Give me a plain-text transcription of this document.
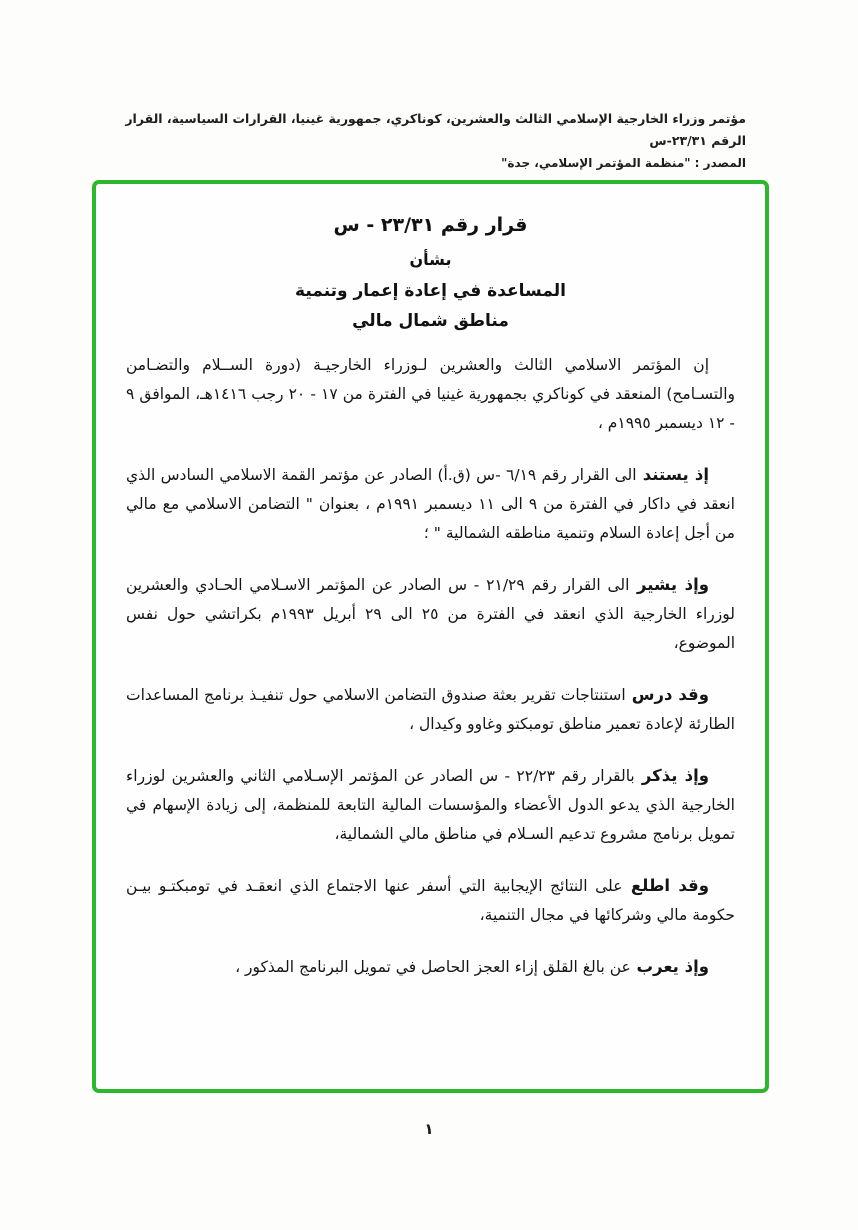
مؤتمر وزراء الخارجية الإسلامي الثالث والعشرين، كوناكري، جمهورية غينيا، القرارات السياسية، القرار الرقم ٢٣/٣١-س
المصدر : "منظمة المؤتمر الإسلامي، جدة"
قرار رقم ٢٣/٣١ - س
بشأن
المساعدة في إعادة إعمار وتنمية
مناطق شمال مالي

إن المؤتمر الاسلامي الثالث والعشرين لـوزراء الخارجيـة (دورة الســلام والتضـامن والتسـامح) المنعقد في كوناكري بجمهورية غينيا في الفترة من ١٧ - ٢٠ رجب ١٤١٦هـ، الموافق ٩ - ١٢ ديسمبر ١٩٩٥م ،

إذ يستندالى القرار رقم ٦/١٩ -س (ق.أ) الصادر عن مؤتمر القمة الاسلامي السادس الذي انعقد في داكار في الفترة من ٩ الى ١١ ديسمبر ١٩٩١م ، بعنوان " التضامن الاسلامي مع مالي من أجل إعادة السلام وتنمية مناطقه الشمالية " ؛

وإذ يشيرالى القرار رقم ٢١/٢٩ - س الصادر عن المؤتمر الاسـلامي الحـادي والعشرين لوزراء الخارجية الذي انعقد في الفترة من ٢٥ الى ٢٩ أبريل ١٩٩٣م بكراتشي حول نفس الموضوع،

وقد درساستنتاجات تقرير بعثة صندوق التضامن الاسلامي حول تنفيـذ برنامج المساعدات الطارئة لإعادة تعمير مناطق تومبكتو وغاوو وكيدال ،

وإذ يذكربالقرار رقم ٢٢/٢٣ - س الصادر عن المؤتمر الإسـلامي الثاني والعشرين لوزراء الخارجية الذي يدعو الدول الأعضاء والمؤسسات المالية التابعة للمنظمة، إلى زيادة الإسهام في تمويل برنامج مشروع تدعيم السـلام في مناطق مالي الشمالية،

وقد اطلععلى النتائج الإيجابية التي أسفر عنها الاجتماع الذي انعقـد في تومبكتـو بيـن حكومة مالي وشركائها في مجال التنمية،

وإذ يعربعن بالغ القلق إزاء العجز الحاصل في تمويل البرنامج المذكور ،

١
